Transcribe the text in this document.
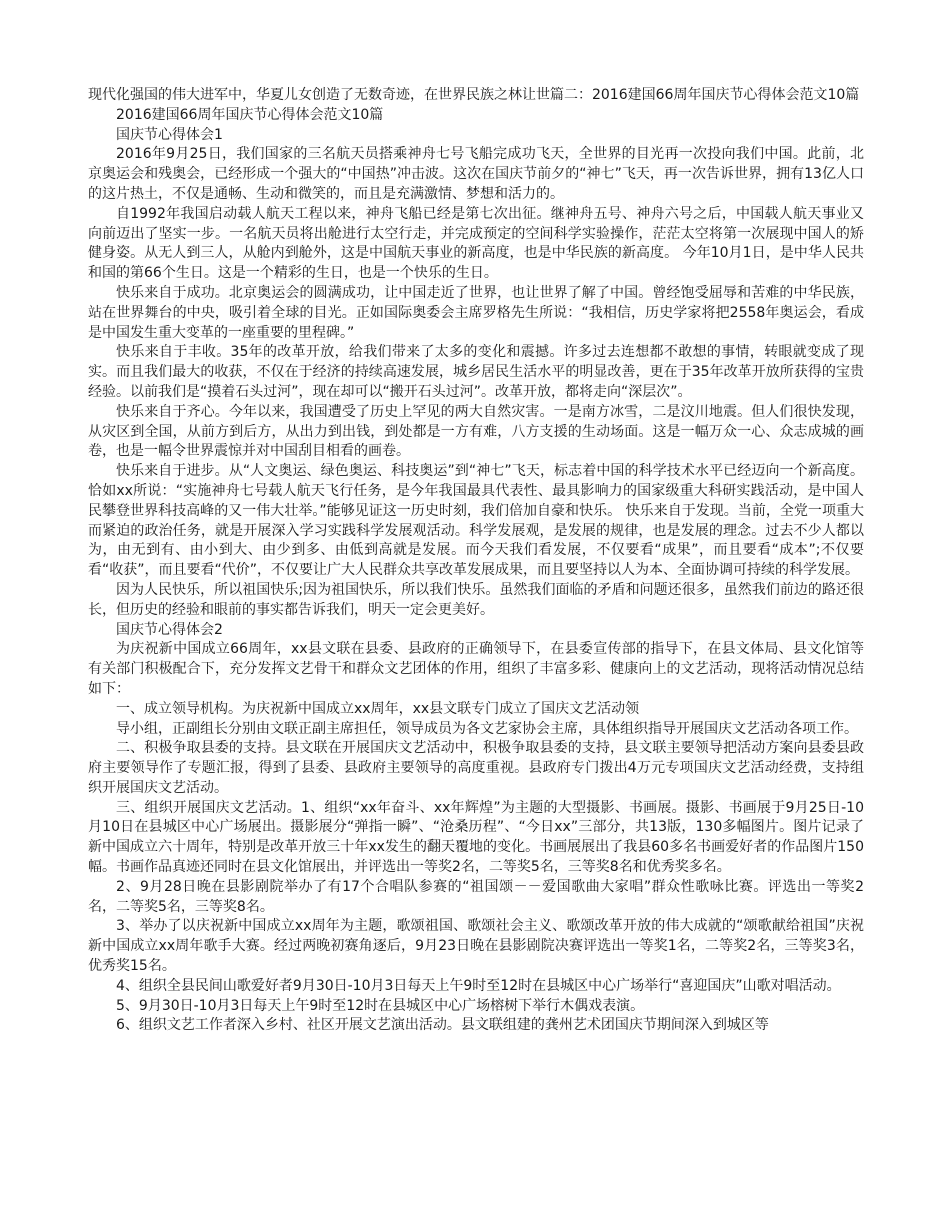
现代化强国的伟大进军中，华夏儿女创造了无数奇迹，在世界民族之林让世篇二：2016建国66周年国庆节心得体会范文10篇

2016建国66周年国庆节心得体会范文10篇

国庆节心得体会1

2016年9月25日，我们国家的三名航天员搭乘神舟七号飞船完成功飞天，全世界的目光再一次投向我们中国。此前，北京奥运会和残奥会，已经形成一个强大的“中国热”冲击波。这次在国庆节前夕的“神七”飞天，再一次告诉世界，拥有13亿人口的这片热土，不仅是通畅、生动和微笑的，而且是充满激情、梦想和活力的。

自1992年我国启动载人航天工程以来，神舟飞船已经是第七次出征。继神舟五号、神舟六号之后，中国载人航天事业又向前迈出了坚实一步。一名航天员将出舱进行太空行走，并完成预定的空间科学实验操作，茫茫太空将第一次展现中国人的矫健身姿。从无人到三人，从舱内到舱外，这是中国航天事业的新高度，也是中华民族的新高度。 今年10月1日，是中华人民共和国的第66个生日。这是一个精彩的生日，也是一个快乐的生日。

快乐来自于成功。北京奥运会的圆满成功，让中国走近了世界，也让世界了解了中国。曾经饱受屈辱和苦难的中华民族，站在世界舞台的中央，吸引着全球的目光。正如国际奥委会主席罗格先生所说：“我相信，历史学家将把2558年奥运会，看成是中国发生重大变革的一座重要的里程碑。”

快乐来自于丰收。35年的改革开放，给我们带来了太多的变化和震撼。许多过去连想都不敢想的事情，转眼就变成了现实。而且我们最大的收获，不仅在于经济的持续高速发展，城乡居民生活水平的明显改善，更在于35年改革开放所获得的宝贵经验。以前我们是“摸着石头过河”，现在却可以“搬开石头过河”。改革开放，都将走向“深层次”。

快乐来自于齐心。今年以来，我国遭受了历史上罕见的两大自然灾害。一是南方冰雪，二是汶川地震。但人们很快发现，从灾区到全国，从前方到后方，从出力到出钱，到处都是一方有难，八方支援的生动场面。这是一幅万众一心、众志成城的画卷，也是一幅令世界震惊并对中国刮目相看的画卷。

快乐来自于进步。从“人文奥运、绿色奥运、科技奥运”到“神七”飞天，标志着中国的科学技术水平已经迈向一个新高度。恰如xx所说：“实施神舟七号载人航天飞行任务，是今年我国最具代表性、最具影响力的国家级重大科研实践活动，是中国人民攀登世界科技高峰的又一伟大壮举。”能够见证这一历史时刻，我们倍加自豪和快乐。 快乐来自于发现。当前，全党一项重大而紧迫的政治任务，就是开展深入学习实践科学发展观活动。科学发展观，是发展的规律，也是发展的理念。过去不少人都以为，由无到有、由小到大、由少到多、由低到高就是发展。而今天我们看发展，不仅要看“成果”，而且要看“成本”;不仅要看“收获”，而且要看“代价”，不仅要让广大人民群众共享改革发展成果，而且要坚持以人为本、全面协调可持续的科学发展。

因为人民快乐，所以祖国快乐;因为祖国快乐，所以我们快乐。虽然我们面临的矛盾和问题还很多，虽然我们前边的路还很长，但历史的经验和眼前的事实都告诉我们，明天一定会更美好。

国庆节心得体会2

为庆祝新中国成立66周年，xx县文联在县委、县政府的正确领导下，在县委宣传部的指导下，在县文体局、县文化馆等有关部门积极配合下，充分发挥文艺骨干和群众文艺团体的作用，组织了丰富多彩、健康向上的文艺活动，现将活动情况总结如下：

一、成立领导机构。为庆祝新中国成立xx周年，xx县文联专门成立了国庆文艺活动领

导小组，正副组长分别由文联正副主席担任，领导成员为各文艺家协会主席，具体组织指导开展国庆文艺活动各项工作。

二、积极争取县委的支持。县文联在开展国庆文艺活动中，积极争取县委的支持，县文联主要领导把活动方案向县委县政府主要领导作了专题汇报，得到了县委、县政府主要领导的高度重视。县政府专门拨出4万元专项国庆文艺活动经费，支持组织开展国庆文艺活动。

三、组织开展国庆文艺活动。1、组织“xx年奋斗、xx年辉煌”为主题的大型摄影、书画展。摄影、书画展于9月25日-10月10日在县城区中心广场展出。摄影展分“弹指一瞬”、“沧桑历程”、“今日xx”三部分，共13版，130多幅图片。图片记录了新中国成立六十周年，特别是改革开放三十年xx发生的翻天覆地的变化。书画展展出了我县60多名书画爱好者的作品图片150幅。书画作品真迹还同时在县文化馆展出，并评选出一等奖2名，二等奖5名，三等奖8名和优秀奖多名。

2、9月28日晚在县影剧院举办了有17个合唱队参赛的“祖国颂－－爱国歌曲大家唱”群众性歌咏比赛。评选出一等奖2名，二等奖5名，三等奖8名。

3、举办了以庆祝新中国成立xx周年为主题，歌颂祖国、歌颂社会主义、歌颂改革开放的伟大成就的“颂歌献给祖国”庆祝新中国成立xx周年歌手大赛。经过两晚初赛角逐后，9月23日晚在县影剧院决赛评选出一等奖1名，二等奖2名，三等奖3名，优秀奖15名。

4、组织全县民间山歌爱好者9月30日-10月3日每天上午9时至12时在县城区中心广场举行“喜迎国庆”山歌对唱活动。

5、9月30日-10月3日每天上午9时至12时在县城区中心广场榕树下举行木偶戏表演。

6、组织文艺工作者深入乡村、社区开展文艺演出活动。县文联组建的龚州艺术团国庆节期间深入到城区等
